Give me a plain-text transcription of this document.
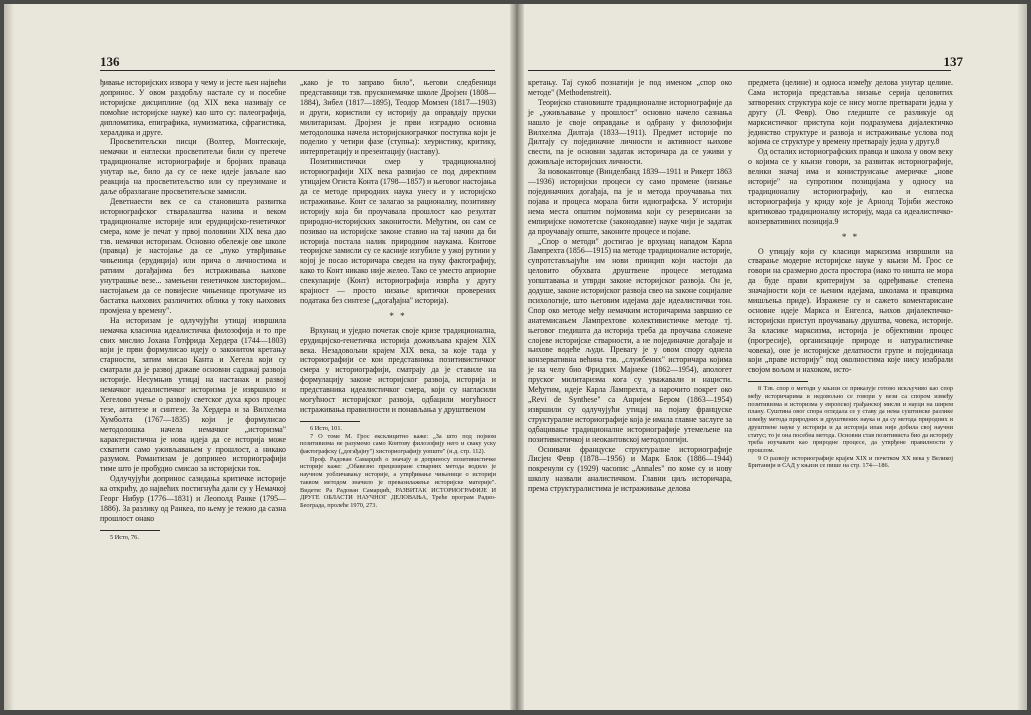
136

ђивање историјских извора у чему и јесте њен највећи допринос. У овом раздобљу настале су и посебне историјске дисциплине (од XIX века називају се помоћне историјске науке) као што су: палеографија, дипломатика, епиграфика, нумизматика, сфрагистика, хералдика и друге.

Просветитељски писци (Волтер, Монтескије, немачки и енглески просветитељи били су претече традиционалне историографије и бројних правaца унутар ње, било да су се неке идеје јављале као реакција на просветитељство или су преузимане и даље образлагане просветитељске замисли.

Деветнаести век се са становишта развитка историографског стваралаштва назива и веком традиционалне историје или ерудицијско-генетичког смера, коме је печат у првој половини XIX века дао тзв. немачки историзам. Основно обележје ове школе (правца) је настојање да се „пуко утврђивање чињеница (ерудиција) или прича о личностима и ратним догађајима без истраживања њихове унутрашње везе... замењени генетичком хисторијом... настојањем да се повијесне чињенице протумаче из бастатка њихових различитих облика у току њихових промјена у времену".

На историзам је одлучујући утицај извршила немачка класична идеалистичка филозофија и то пре свих мислио Јохана Готфрида Хердера (1744—1803) који је први формулисао идеју о законитом кретању старности, затим мисао Канта и Хегела који су сматрали да је развој државе основни садржај развоја историје. Несумњив утицај на настанак и развој немачког идеалистичког историзма је извршило и Хегелово учење о развоју светског духа кроз процес тезе, антитезе и синтезе. За Хердера и за Вилхелма Хумболта (1767—1835) који је формулисао методолошка начела немачког „историзма" карактеристична је нова идеја да се историја може схватити само уживљавањем у прошлост, а никако разумом. Романтизам је допринео историографији тиме што је пробудио смисао за историјски ток.

Одлучујући допринос сазидања критичке историје ка открићу, до највећих постигнућа дали су у Немачкој Георг Нибур (1776—1831) и Леополд Ранке (1795—1886). За разлику од Ранкеа, по њему је тежио да сазна прошлост онако

5 Исто, 76.

„како је то заправо било", његови следбеници представници тзв. прусконемачке школе Дројзен (1808—1884), Зибел (1817—1895), Теодор Момзен (1817—1903) и други, користили су историју да оправдају пруски милитаризам. Дројзен је први изградио основна методолошка начела историјскиограчког поступка који је поделио у четири фазе (ступња): хеуристику, критику, интерпретацију и презентацију (наставу).

Позитивистички смер у традиционалној историографији XIX века развијао се под директним утицајем Огиста Конта (1798—1857) и његовог настојања да се методе природних наука унесу и у историјско истраживање. Конт се залагао за рационалну, позитивну историју која би проучавала прошлост као резултат природно-историјских законитости. Међутим, он сам се позивао на историјске законе ставио на тај начин да би историја постала налик природним наукама. Контове теоријске замисли су се касније изгубиле у ужој рутини у којој је посао историчара сведен на пуку фактографију, како то Конт никако није желео. Тако се уместо априорне спекулације (Конт) историографија изврћа у другу крајност — просто низање критички проверених података без синтезе („догађајна" историја).

* *

Врхунац и уједно почетак своје кризе традиционална, ерудицијско-генетичка историја доживљава крајем XIX века. Незадовољни крајем ХIX века, за које тада у историографији се кои представника позитивистичког смера у историографији, сматрају да је ставиле на формулацију законе историјског развоја, историја и представника идеалистичког смера, који су нагласили могућност историјског развоја, одбацили могућност истраживања правилности и понављања у друштвеном

6 Исто, 101.

7 О томе М. Грос ексклицитно каже: „За што под појмом позитивизма не разумемо само Контову филозофију него и сваку уску фактографску („догађајну") хисториографију уопште" (н.д. стр. 112).

Проф. Радован Самарџић о значају и доприносу позитивистичке историје каже: „Обавезно прецизиране стварних метода водило је научном уобличавању историје, а утврђивање чињенице о историји таквом методом значило је превазилажење историјске материје". Видети: Ра Радован Самарџић, РАЗВИТАК ИСТОРИОГРАФИЈЕ И ДРУГЕ ОБЛАСТИ НАУЧНОГ ДЕЛОВАЊА, Треће програм Радио-Београда, пролеће 1970, 273.

137

кретању. Тај сукоб познатији је под именом „спор око методе" (Methodenstreit).

Теоријско становиште традиционалне историографије да је „уживљавање у прошлост" основно начело сазнања нашло је своје оправдање и одбрану у филозофији Вилхелма Дилтаја (1833—1911). Предмет историје по Дилтају су појединачне личности и активност њихове свести, па је основни задатак историчара да се уживи у доживљаје историјских личности.

За новокантовце (Винделбанд 1839—1911 и Рикерт 1863—1936) историјски процеси су само промене (низање појединачних догађаја, па је и метода проучавања тих појава и процеса морала бити идиографска. У историји нема места општим појмовима који су резервисани за емпиријске номотетске (законодавне) науке чији је задатак да проучавају опште, законите процесе и појаве.

„Спор о методи" достигао је врхунац нападом Карла Лампрехта (1856—1915) на методе традиционалне историје, супротстављајући им нови принцип који настоји да целовито обухвата друштвене процесе методама уопштавања и утврди законе историјског развоја. Он је, додуше, законе историјског развоја свео на законе социјалне психологије, што његовим идејама даје идеалистички тон. Спор око методе међу немачким историчарима завршио се анатемисањем Лампрехтове колективистичке методе тј. његовог гледишта да историја треба да проучава сложене слојеве историјске стварности, а не појединачне догађаје и њихове водеће људи. Превагу је у овом спору однела конзервативна већина тзв. „службених" историчара којима је на челу био Фридрих Мајнеке (1862—1954), апологет пруског милитаризма кога су уважавали и нацисти. Међутим, идеје Карла Лампрехта, а нарочито покрет око „Revi de Synthese" са Анријем Бером (1863—1954) извршили су одлучујући утицај на појаву француске структуралне историографије која је имала главне заслуге за одбацивање традиционалне историографије утемељене на позитивистичкој и неокантовској методологији.

Оснивачи француске структуралне историографије Лисјен Февр (1878—1956) и Марк Блок (1886—1944) покренули су (1929) часопис „Annales" по коме су и нову школу назвали аналистичком. Главни циљ историчара, према структуралистима је истраживање делова

предмета (целине) и односа између делова унутар целине. Сама историја представља низање серија целовитих затворених структура које се нису могле претварати једна у другу (Л. Февр). Ово гледиште се разликује од марксистичког приступа који подразумева дијалектичко јединство структуре и развоја и истраживање услова под којима се структуре у времену претварају једна у другу.8

Од осталих историографских правца и школа у овом веку о којима се у књизи говори, за развитак историографије, велики значај има и кониструисање америчке „нове историје" на супротним позицијама у односу на традиционалну историографију, као и енглеска историографија у криду које је Арнолд Тојнби жестоко критиковао традиционалну историју, мада са идеалистичко-конзервативних позиција.9

* *

О утицају који су класици марксизма извршили на стварање модерне историјске науке у књизи М. Грос се говори на сразмерно доста простора (иако то ништа не мора да буде прави критеријум за одређивање степена значајности који се њеним идејама, школама и правцима мишљења приде). Изражене су и сажето коментарисане основне идеје Маркса и Енгелса, њихов дијалектичко-историјски приступ проучавању друштва, човека, историје. За класике марксизма, историја је објективни процес (прогресије), организације природе и натуралистичке човека), оне је историјске делатности групе и појединаца који „праве историју" под околностима које нису изабрали својом вољом и нахоком, исто-

8 Тзв. спор о методи у књизи се приказује готово искључиво као спор међу историчарима и недовољно се говори у вези са спором између позитивизма и историзма у европској грађанској мисли и науци на ширем плану. Суштина овог спора огледала се у ставу да нема суштинске разлике између метода природних и друштвених наука и да су метода природних и друштвене науке у историји и да историја ипак није добила свој научни статус; то је она посебна метода. Основни став позитивиста био да историју треба изучавати као природне процесе, да утврђене правилности у прошлом.

9 О развоју историографије крајем XIX и почетком XX века у Великој Британији и САД у књизи се пише на стр. 174—186.
